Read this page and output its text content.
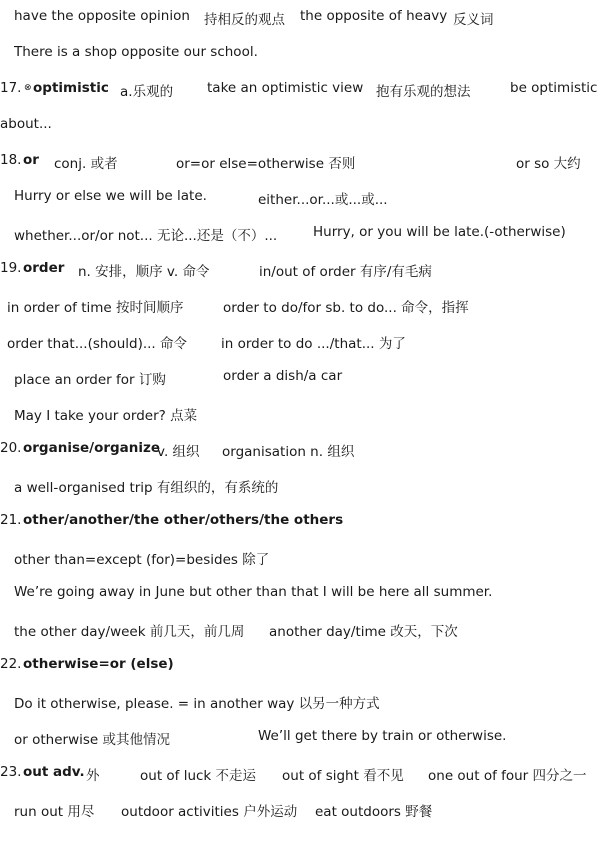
have the opposite opinion 持相反的观点 the opposite of heavy 反义词
There is a shop opposite our school.
17. ⊗ optimistic a.乐观的	take an optimistic view 抱有乐观的想法	be optimistic
about...
18. or conj. 或者	or=or else=otherwise 否则	or so 大约
Hurry or else we will be late.	either...or...或...或...
whether...or/or not... 无论...还是（不）...	Hurry, or you will be late.(-otherwise)
19. order n. 安排，顺序 v. 命令	in/out of order 有序/有毛病
in order of time 按时间顺序	order to do/for sb. to do... 命令，指挥
order that...(should)... 命令	in order to do .../that... 为了
place an order for 订购	order a dish/a car
May I take your order? 点菜
20. organise/organize
v. 组织 organisation n. 组织
a well-organised trip 有组织的，有系统的
21. other/another/the other/others/the others
other than=except (for)=besides 除了
We’re going away in June but other than that I will be here all summer.
the other day/week 前几天，前几周 another day/time 改天，下次
22. otherwise=or (else)
Do it otherwise, please. = in another way 以另一种方式
or otherwise 或其他情况	We’ll get there by train or otherwise.
23. out adv. 外	out of luck 不走运 out of sight 看不见 one out of four 四分之一
run out 用尽 outdoor activities 户外运动 eat outdoors 野餐
